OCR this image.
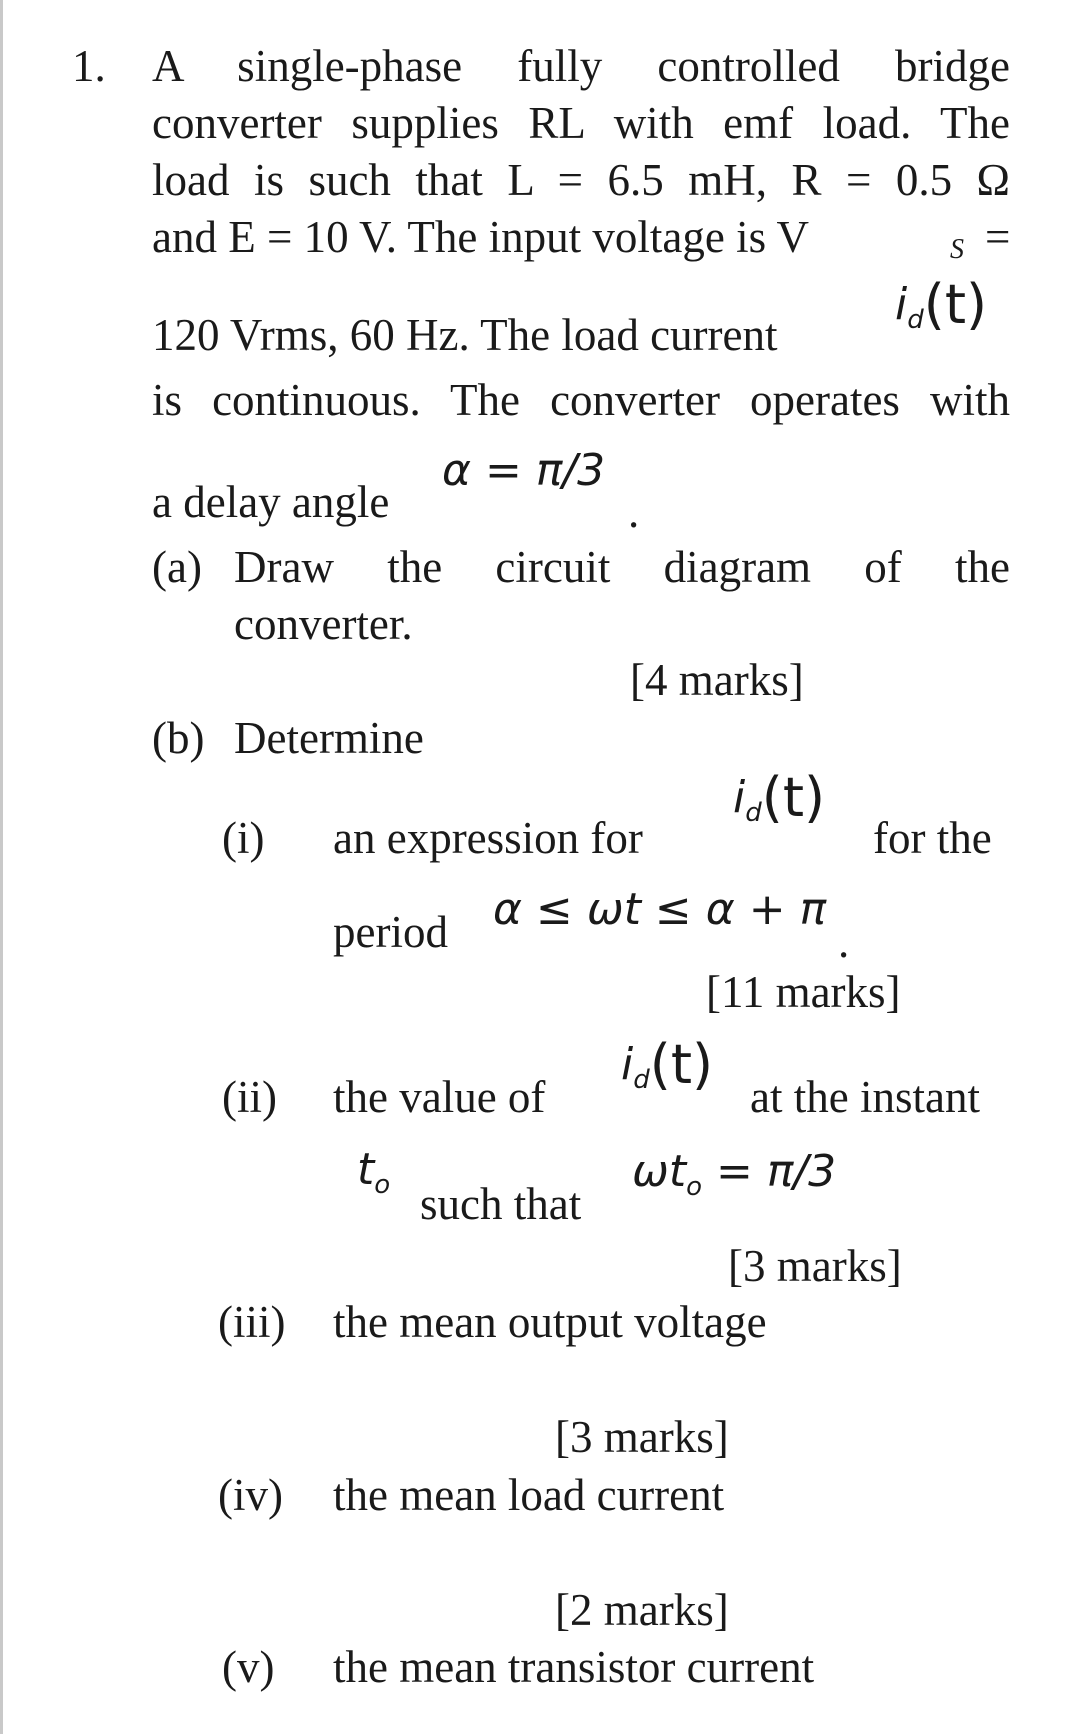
1. A single-phase fully controlled bridge
converter supplies RL with emf load. The
load is such that L = 6.5 mH, R = 0.5 Ω
and E = 10 V. The input voltage is V	S =
$i_d(t)$
120 Vrms, 60 Hz. The load current
is continuous. The converter operates with
α = π/3
a delay angle	.
(a) Draw the circuit diagram of the
converter.
[4 marks]
(b) Determine
(i) an expression for
$i_d(t)$
for the
α ≤ ωt ≤ α + π
period	.
[11 marks]
$i_d(t)$
(ii) the value of	at the instant
$t_o$ such that
$\omega t_o = \pi/3$
[3 marks]
(iii) the mean output voltage
[3 marks]
(iv) the mean load current
[2 marks]
(v) the mean transistor current
